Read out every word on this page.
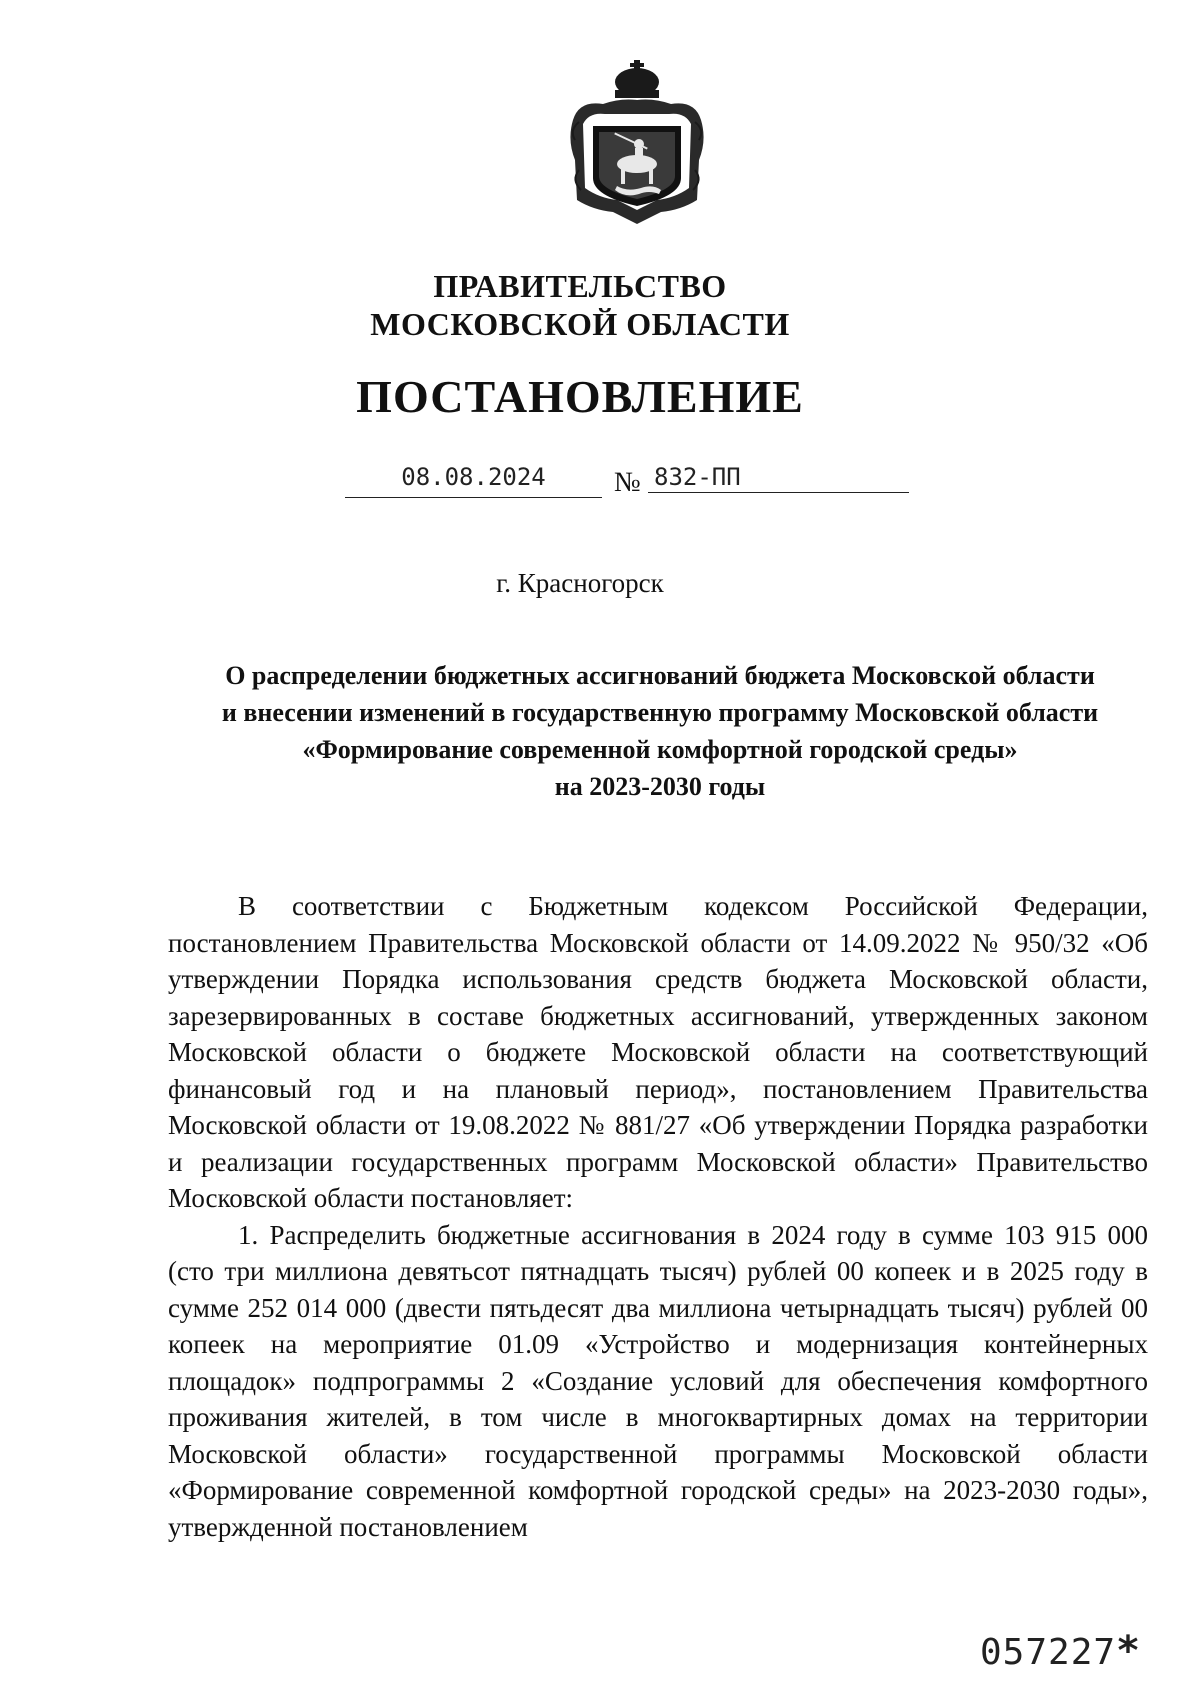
ПРАВИТЕЛЬСТВО
МОСКОВСКОЙ ОБЛАСТИ
ПОСТАНОВЛЕНИЕ
08.08.2024	№ 832-ПП
г. Красногорск
О распределении бюджетных ассигнований бюджета Московской области
и внесении изменений в государственную программу Московской области
«Формирование современной комфортной городской среды»
на 2023-2030 годы

В соответствии с Бюджетным кодексом Российской Федерации, постановлением Правительства Московской области от 14.09.2022 № 950/32 «Об утверждении Порядка использования средств бюджета Московской области, зарезервированных в составе бюджетных ассигнований, утвержденных законом Московской области о бюджете Московской области на соответствующий финансовый год и на плановый период», постановлением Правительства Московской области от 19.08.2022 № 881/27 «Об утверждении Порядка разработки и реализации государственных программ Московской области» Правительство Московской области постановляет:

1. Распределить бюджетные ассигнования в 2024 году в сумме 103 915 000 (сто три миллиона девятьсот пятнадцать тысяч) рублей 00 копеек и в 2025 году в сумме 252 014 000 (двести пятьдесят два миллиона четырнадцать тысяч) рублей 00 копеек на мероприятие 01.09 «Устройство и модернизация контейнерных площадок» подпрограммы 2 «Создание условий для обеспечения комфортного проживания жителей, в том числе в многоквартирных домах на территории Московской области» государственной программы Московской области «Формирование современной комфортной городской среды» на 2023-2030 годы», утвержденной постановлением

057227*
